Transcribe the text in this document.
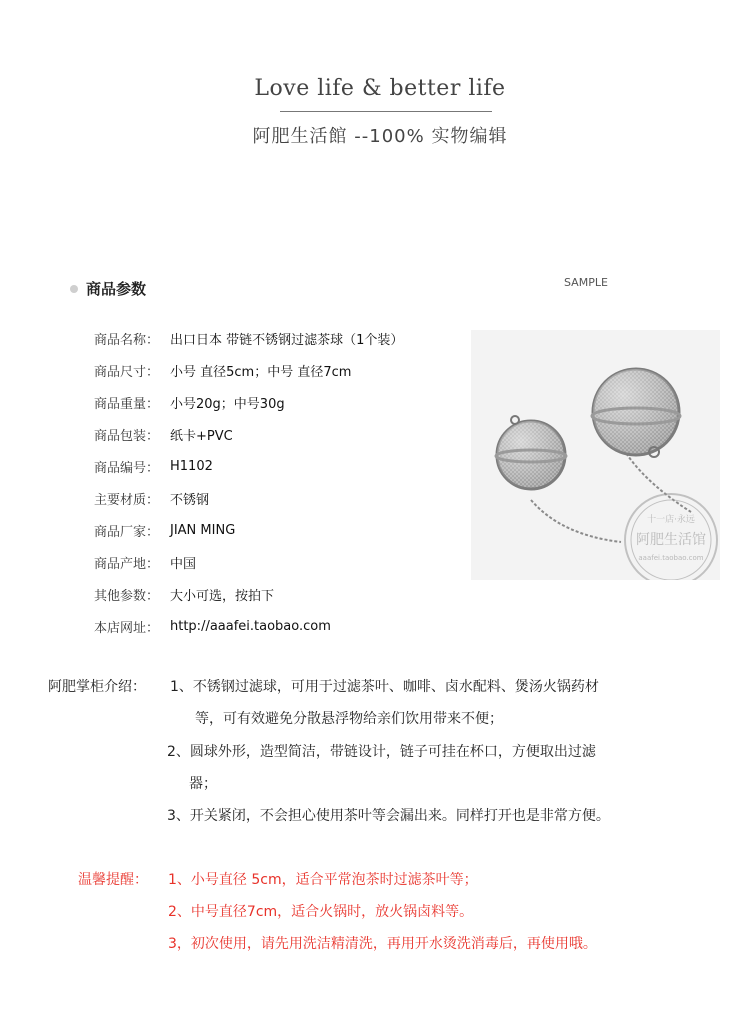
Love life & better life
阿肥生活館 --100% 实物编辑
商品参数	SAMPLE
商品名称： 出口日本 带链不锈钢过滤茶球（1个装）
商品尺寸： 小号 直径5cm；中号 直径7cm
商品重量： 小号20g；中号30g
商品包装： 纸卡+PVC
商品编号： H1102
主要材质： 不锈钢
商品厂家： JIAN MING
商品产地： 中国
其他参数： 大小可选，按拍下
本店网址： http://aaafei.taobao.com
十一店·永远
阿肥生活馆
aaafei.taobao.com
阿肥掌柜介绍：	1、不锈钢过滤球，可用于过滤茶叶、咖啡、卤水配料、煲汤火锅药材
等，可有效避免分散悬浮物给亲们饮用带来不便；
2、圆球外形，造型简洁，带链设计，链子可挂在杯口，方便取出过滤
器；
3、开关紧闭，不会担心使用茶叶等会漏出来。同样打开也是非常方便。
温馨提醒：	1、小号直径 5cm，适合平常泡茶时过滤茶叶等；
2、中号直径7cm，适合火锅时，放火锅卤料等。
3，初次使用，请先用洗洁精清洗，再用开水烫洗消毒后，再使用哦。
